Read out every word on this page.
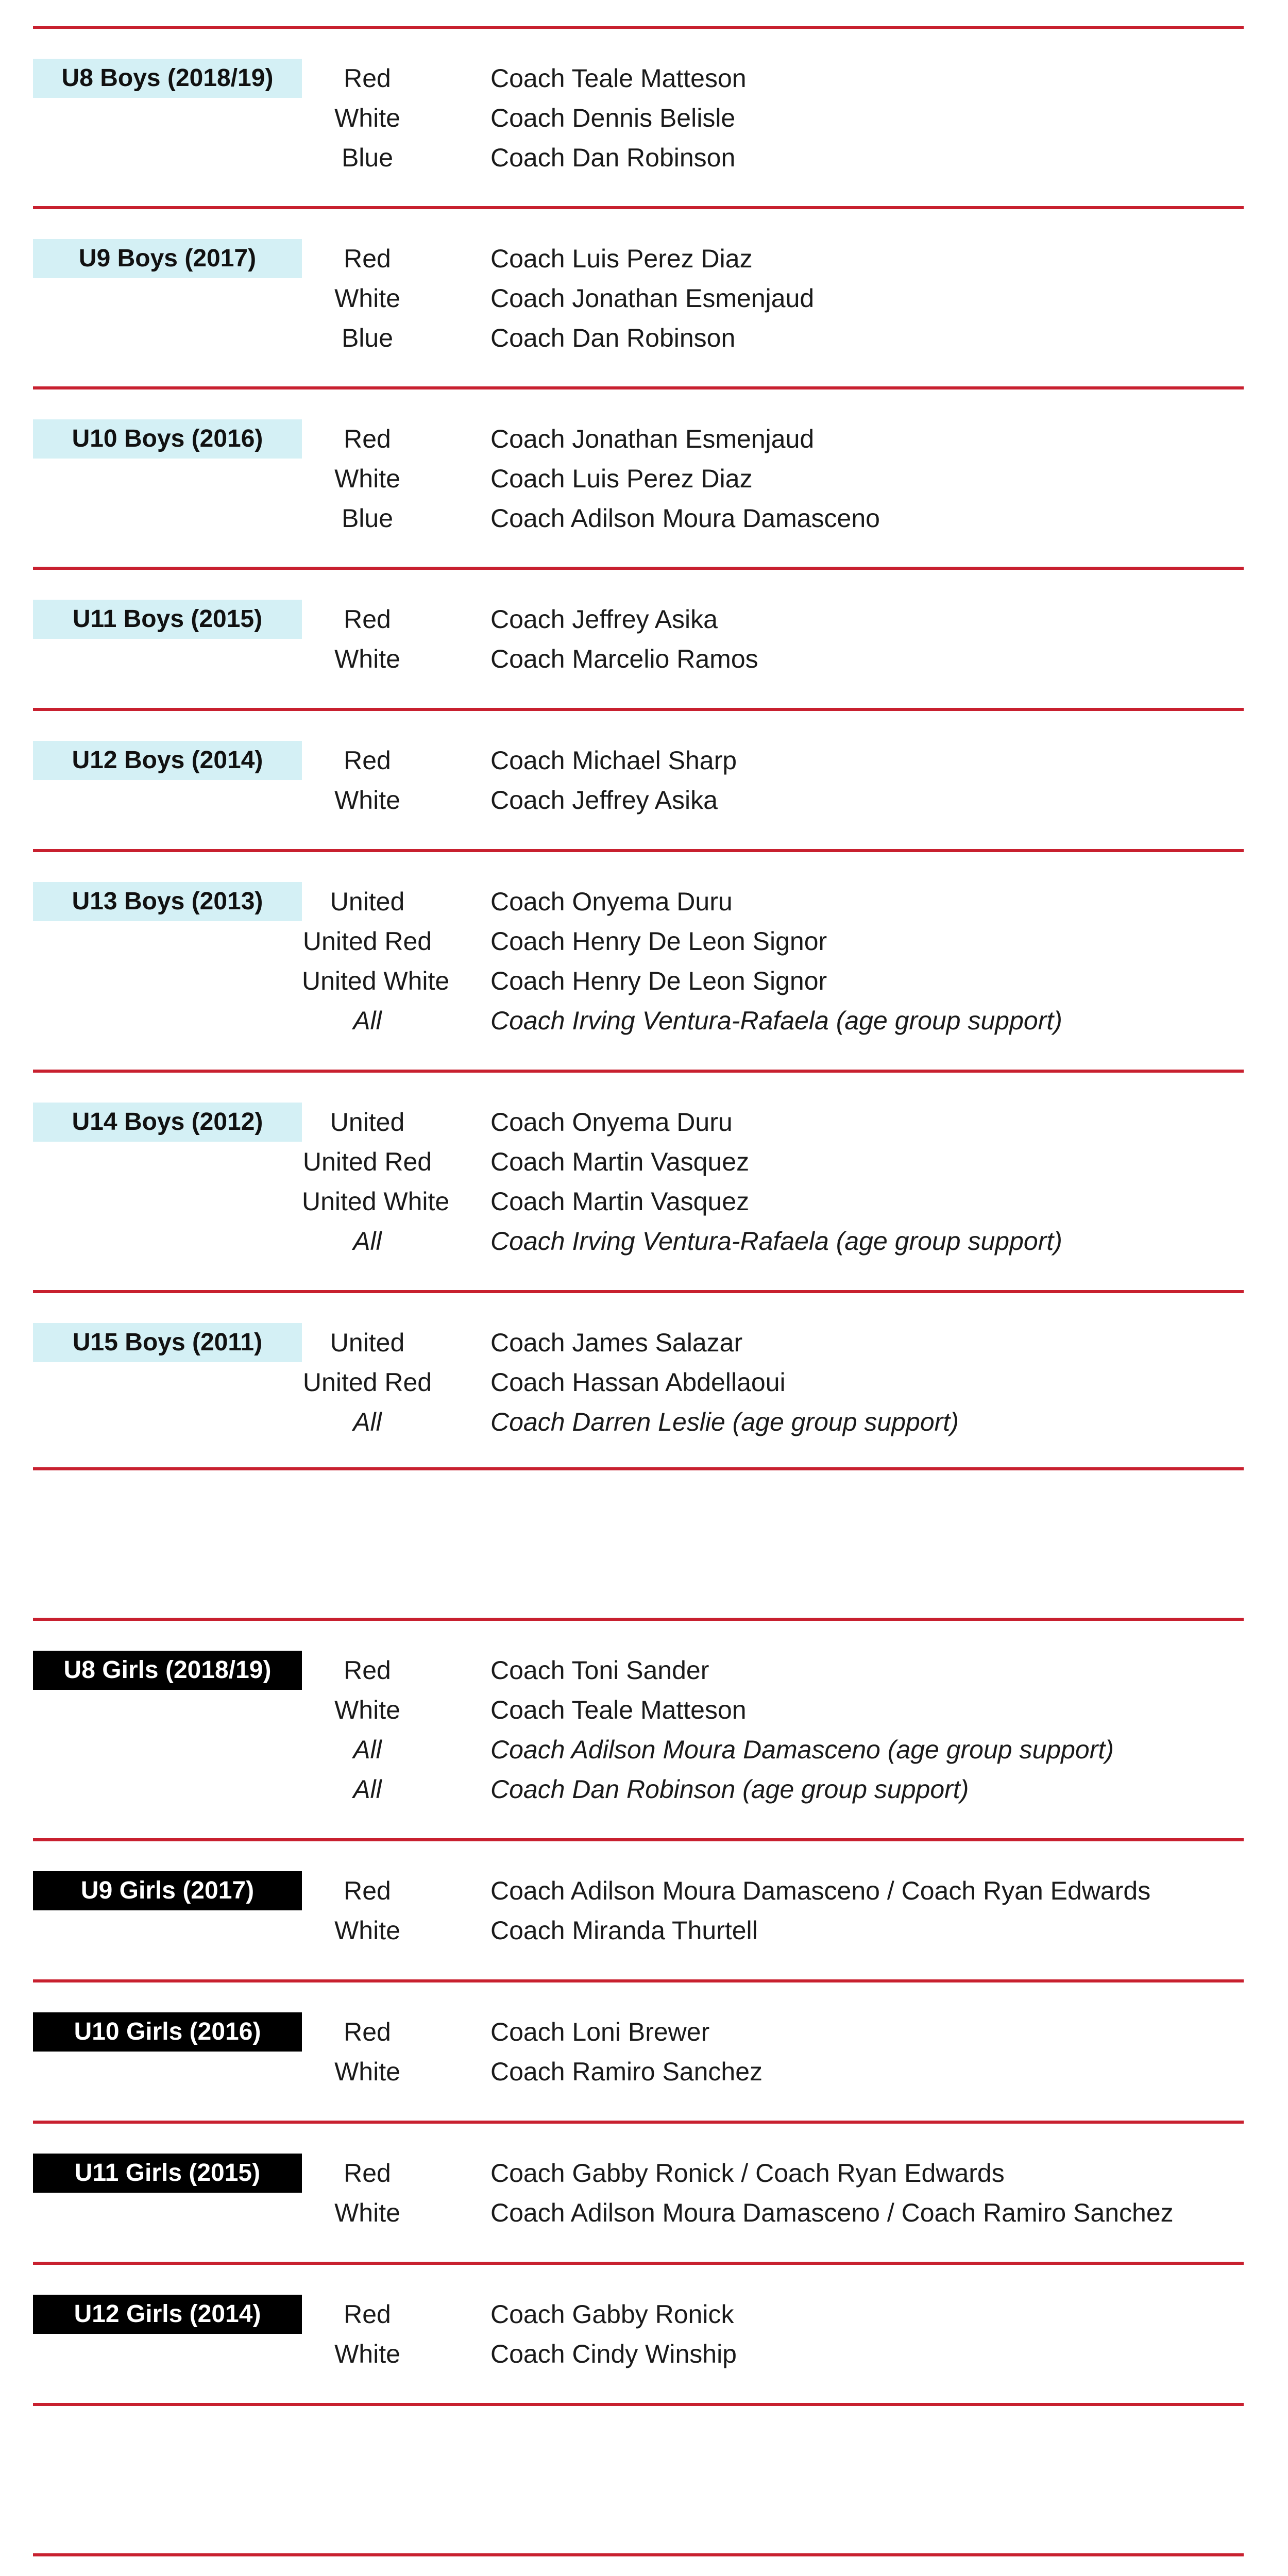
U8 Boys (2018/19)	Red	Coach Teale Matteson
White	Coach Dennis Belisle
Blue	Coach Dan Robinson
U9 Boys (2017)	Red	Coach Luis Perez Diaz
White	Coach Jonathan Esmenjaud
Blue	Coach Dan Robinson
U10 Boys (2016)	Red	Coach Jonathan Esmenjaud
White	Coach Luis Perez Diaz
Blue	Coach Adilson Moura Damasceno
U11 Boys (2015)	Red	Coach Jeffrey Asika
White	Coach Marcelio Ramos
U12 Boys (2014)	Red	Coach Michael Sharp
White	Coach Jeffrey Asika
U13 Boys (2013)	United	Coach Onyema Duru
United Red Coach Henry De Leon Signor
United White Coach Henry De Leon Signor
All	Coach Irving Ventura-Rafaela (age group support)
U14 Boys (2012)	United	Coach Onyema Duru
United Red Coach Martin Vasquez
United White Coach Martin Vasquez
All	Coach Irving Ventura-Rafaela (age group support)
U15 Boys (2011)	United	Coach James Salazar
United Red Coach Hassan Abdellaoui
All	Coach Darren Leslie (age group support)
U8 Girls (2018/19)	Red	Coach Toni Sander
White	Coach Teale Matteson
All	Coach Adilson Moura Damasceno (age group support)
All	Coach Dan Robinson (age group support)
U9 Girls (2017)	Red	Coach Adilson Moura Damasceno / Coach Ryan Edwards
White	Coach Miranda Thurtell
U10 Girls (2016)	Red	Coach Loni Brewer
White	Coach Ramiro Sanchez
U11 Girls (2015)	Red	Coach Gabby Ronick / Coach Ryan Edwards
White	Coach Adilson Moura Damasceno / Coach Ramiro Sanchez
U12 Girls (2014)	Red	Coach Gabby Ronick
White	Coach Cindy Winship
